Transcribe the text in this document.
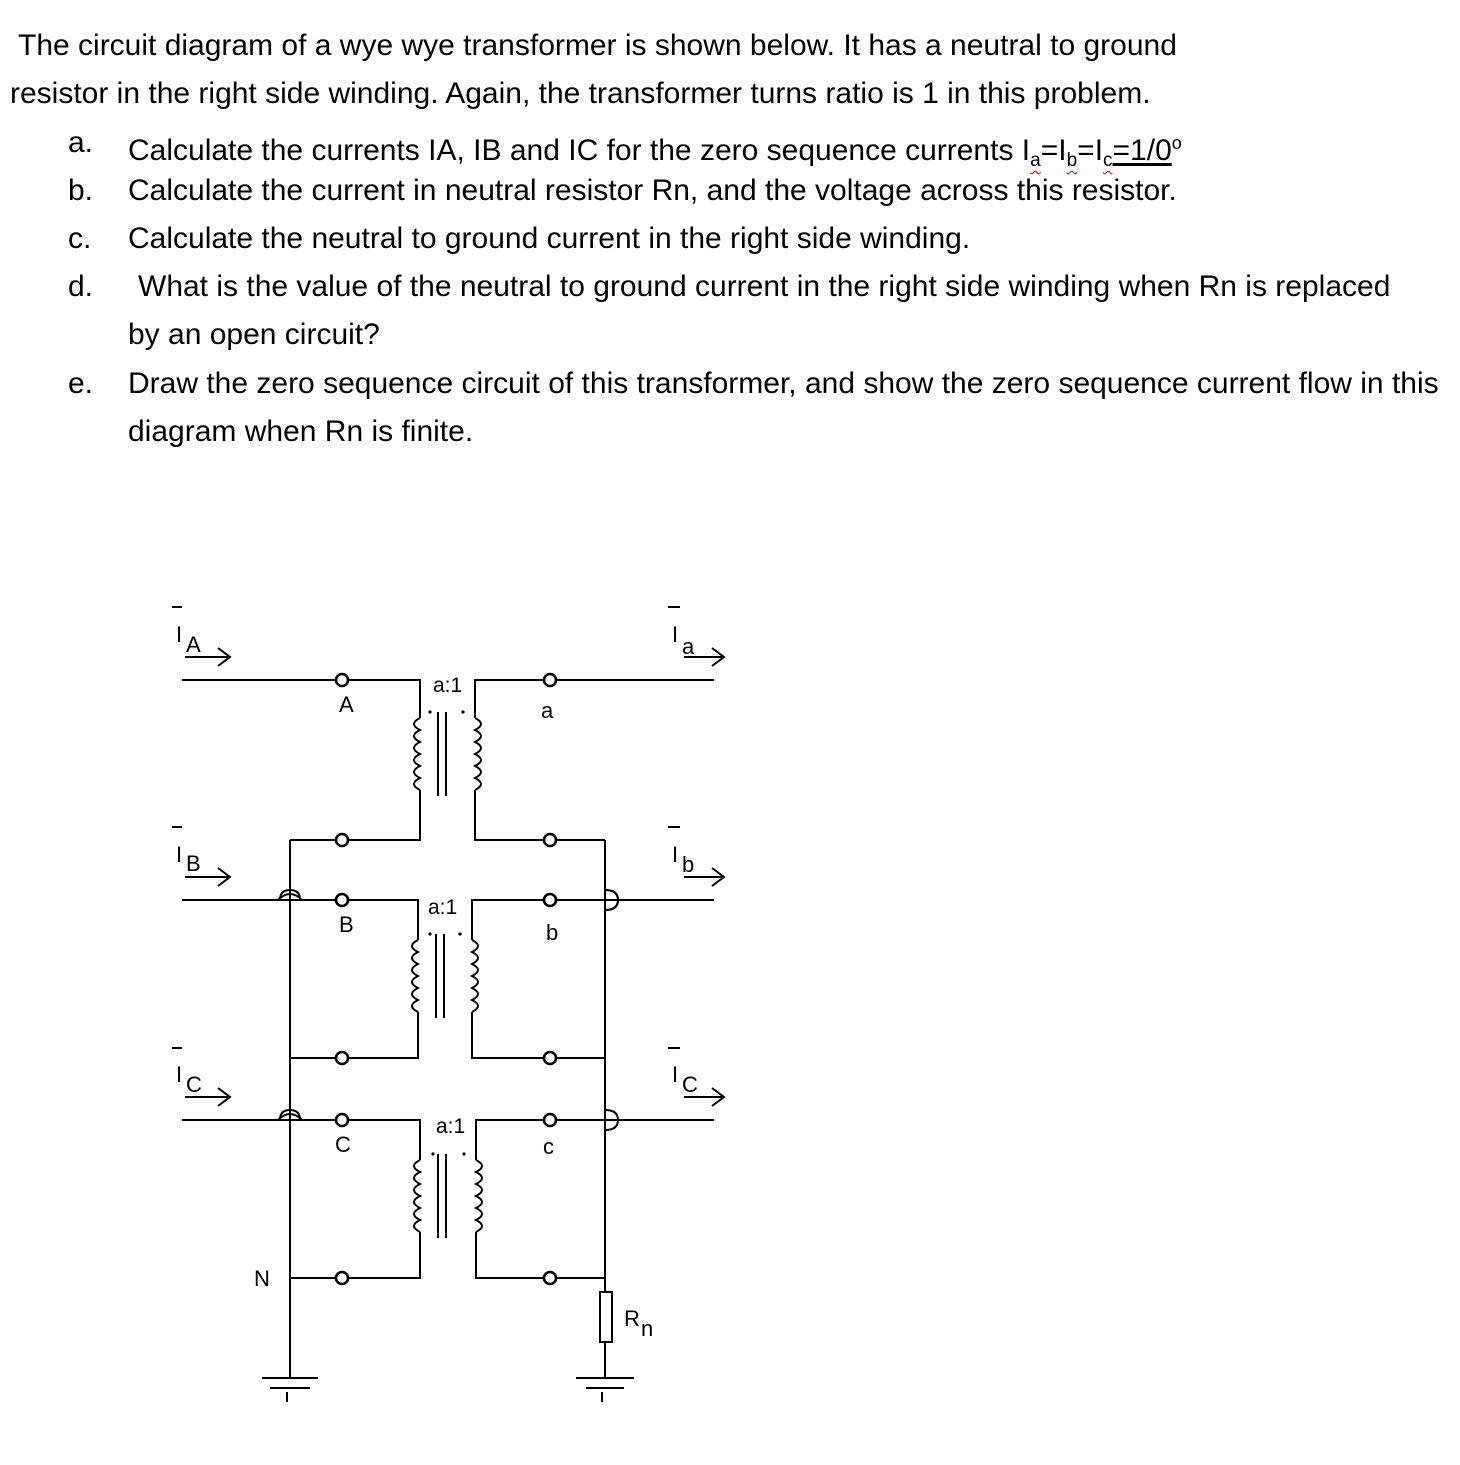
The circuit diagram of a wye wye transformer is shown below. It has a neutral to ground
resistor in the right side winding. Again, the transformer turns ratio is 1 in this problem.

a. Calculate the currents IA, IB and IC for the zero sequence currents $I_a=I_b=I_c=1/0^o$
b. Calculate the current in neutral resistor Rn, and the voltage across this resistor.
c. Calculate the neutral to ground current in the right side winding.
d.	What is the value of the neutral to ground current in the right side winding when Rn is replaced by an open circuit?
e. Draw the zero sequence circuit of this transformer, and show the zero sequence current flow in this diagram when Rn is finite.
I A
I B
I C
I a
I b
I C
A
B
C
a
b
c
a:1
a:1
a:1
N
R n
